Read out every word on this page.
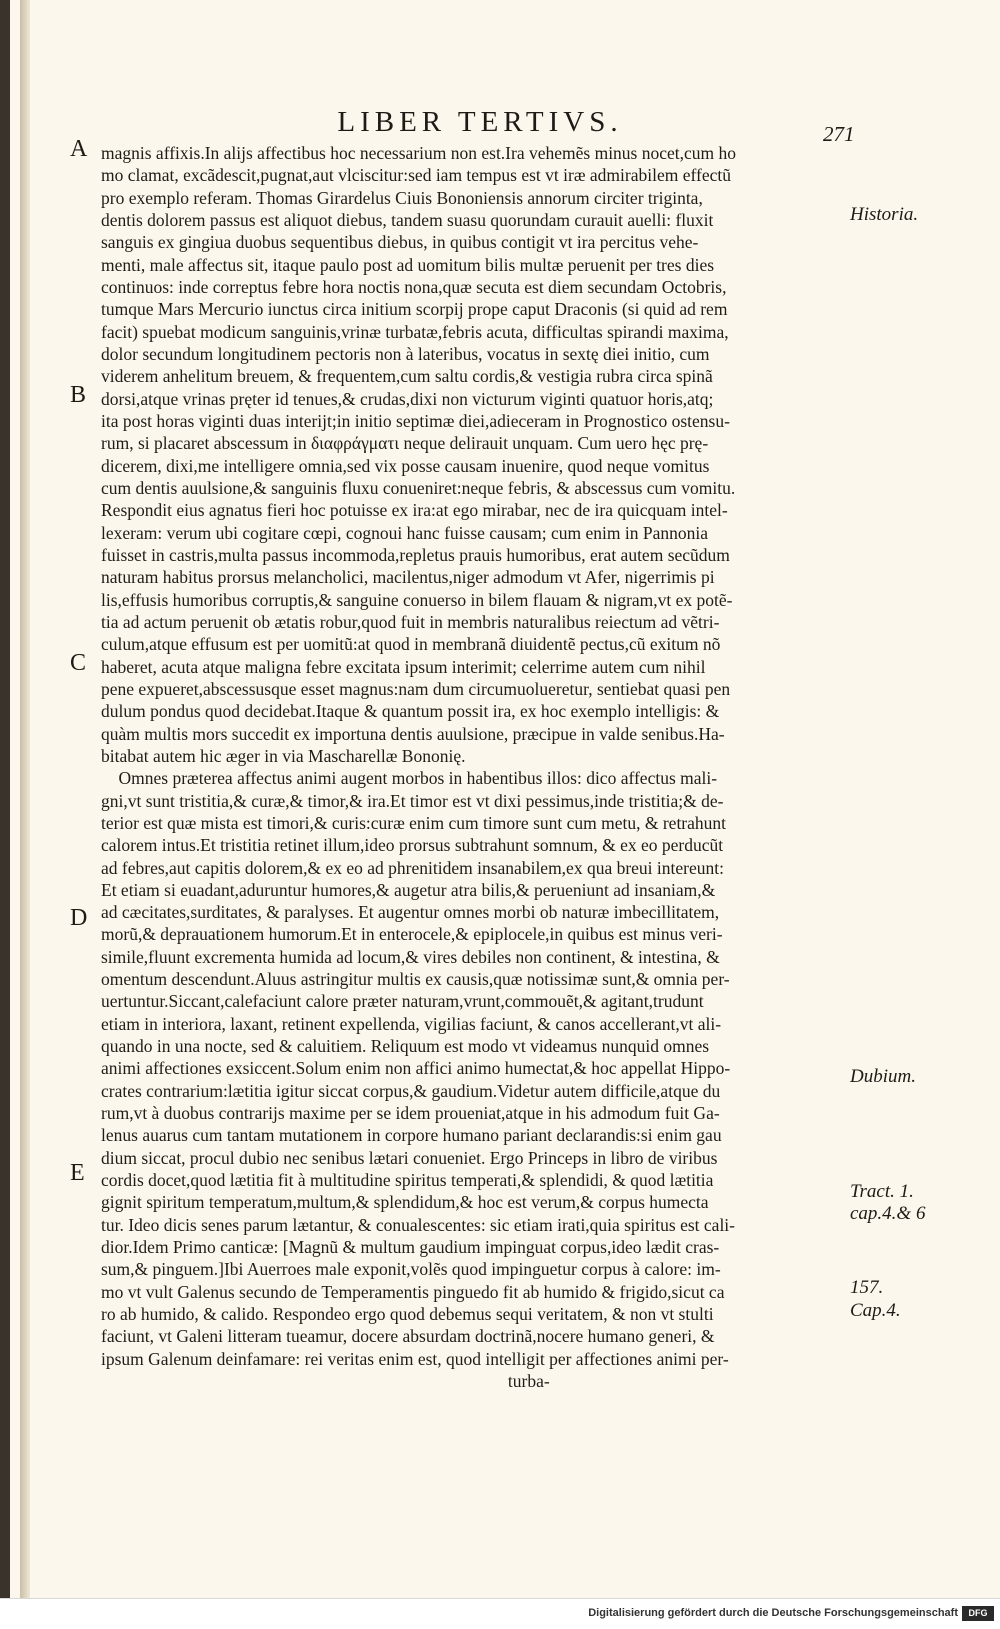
LIBER TERTIVS.	271
A
B
C
D
E
Historia.
Dubium.
Tract. 1.
cap.4.& 6
157.
Cap.4.
magnis affixis.In alijs affectibus hoc necessarium non est.Ira vehemẽs minus nocet,cum ho
mo clamat, excãdescit,pugnat,aut vlciscitur:sed iam tempus est vt iræ admirabilem effectũ
pro exemplo referam. Thomas Girardelus Ciuis Bononiensis annorum circiter triginta,
dentis dolorem passus est aliquot diebus, tandem suasu quorundam curauit auelli: fluxit
sanguis ex gingiua duobus sequentibus diebus, in quibus contigit vt ira percitus vehe-
menti, male affectus sit, itaque paulo post ad uomitum bilis multæ peruenit per tres dies
continuos: inde correptus febre hora noctis nona,quæ secuta est diem secundam Octobris,
tumque Mars Mercurio iunctus circa initium scorpij prope caput Draconis (si quid ad rem
facit) spuebat modicum sanguinis,vrinæ turbatæ,febris acuta, difficultas spirandi maxima,
dolor secundum longitudinem pectoris non à lateribus, vocatus in sextę diei initio, cum
viderem anhelitum breuem, & frequentem,cum saltu cordis,& vestigia rubra circa spinã
dorsi,atque vrinas pręter id tenues,& crudas,dixi non victurum viginti quatuor horis,atq;
ita post horas viginti duas interijt;in initio septimæ diei,adieceram in Prognostico ostensu-
rum, si placaret abscessum in διαφράγματι neque delirauit unquam. Cum uero hęc prę-
dicerem, dixi,me intelligere omnia,sed vix posse causam inuenire, quod neque vomitus
cum dentis auulsione,& sanguinis fluxu conueniret:neque febris, & abscessus cum vomitu.
Respondit eius agnatus fieri hoc potuisse ex ira:at ego mirabar, nec de ira quicquam intel-
lexeram: verum ubi cogitare cœpi, cognoui hanc fuisse causam; cum enim in Pannonia
fuisset in castris,multa passus incommoda,repletus prauis humoribus, erat autem secũdum
naturam habitus prorsus melancholici, macilentus,niger admodum vt Afer, nigerrimis pi
lis,effusis humoribus corruptis,& sanguine conuerso in bilem flauam & nigram,vt ex potẽ-
tia ad actum peruenit ob ætatis robur,quod fuit in membris naturalibus reiectum ad vẽtri-
culum,atque effusum est per uomitũ:at quod in membranã diuidentẽ pectus,cũ exitum nõ
haberet, acuta atque maligna febre excitata ipsum interimit; celerrime autem cum nihil
pene expueret,abscessusque esset magnus:nam dum circumuolueretur, sentiebat quasi pen
dulum pondus quod decidebat.Itaque & quantum possit ira, ex hoc exemplo intelligis: &
quàm multis mors succedit ex importuna dentis auulsione, præcipue in valde senibus.Ha-
bitabat autem hic æger in via Mascharellæ Bononię.
Omnes præterea affectus animi augent morbos in habentibus illos: dico affectus mali-
gni,vt sunt tristitia,& curæ,& timor,& ira.Et timor est vt dixi pessimus,inde tristitia;& de-
terior est quæ mista est timori,& curis:curæ enim cum timore sunt cum metu, & retrahunt
calorem intus.Et tristitia retinet illum,ideo prorsus subtrahunt somnum, & ex eo perducũt
ad febres,aut capitis dolorem,& ex eo ad phrenitidem insanabilem,ex qua breui intereunt:
Et etiam si euadant,aduruntur humores,& augetur atra bilis,& perueniunt ad insaniam,&
ad cæcitates,surditates, & paralyses. Et augentur omnes morbi ob naturæ imbecillitatem,
morũ,& deprauationem humorum.Et in enterocele,& epiplocele,in quibus est minus veri-
simile,fluunt excrementa humida ad locum,& vires debiles non continent, & intestina, &
omentum descendunt.Aluus astringitur multis ex causis,quæ notissimæ sunt,& omnia per-
uertuntur.Siccant,calefaciunt calore præter naturam,vrunt,commouẽt,& agitant,trudunt
etiam in interiora, laxant, retinent expellenda, vigilias faciunt, & canos accellerant,vt ali-
quando in una nocte, sed & caluitiem. Reliquum est modo vt videamus nunquid omnes
animi affectiones exsiccent.Solum enim non affici animo humectat,& hoc appellat Hippo-
crates contrarium:lætitia igitur siccat corpus,& gaudium.Videtur autem difficile,atque du
rum,vt à duobus contrarijs maxime per se idem proueniat,atque in his admodum fuit Ga-
lenus auarus cum tantam mutationem in corpore humano pariant declarandis:si enim gau
dium siccat, procul dubio nec senibus lætari conueniet. Ergo Princeps in libro de viribus
cordis docet,quod lætitia fit à multitudine spiritus temperati,& splendidi, & quod lætitia
gignit spiritum temperatum,multum,& splendidum,& hoc est verum,& corpus humecta
tur. Ideo dicis senes parum lætantur, & conualescentes: sic etiam irati,quia spiritus est cali-
dior.Idem Primo canticæ: [Magnũ & multum gaudium impinguat corpus,ideo lædit cras-
sum,& pinguem.]Ibi Auerroes male exponit,volẽs quod impinguetur corpus à calore: im-
mo vt vult Galenus secundo de Temperamentis pinguedo fit ab humido & frigido,sicut ca
ro ab humido, & calido. Respondeo ergo quod debemus sequi veritatem, & non vt stulti
faciunt, vt Galeni litteram tueamur, docere absurdam doctrinã,nocere humano generi, &
ipsum Galenum deinfamare: rei veritas enim est, quod intelligit per affectiones animi per-
turba-
Digitalisierung gefördert durch die Deutsche Forschungsgemeinschaft	DFG
